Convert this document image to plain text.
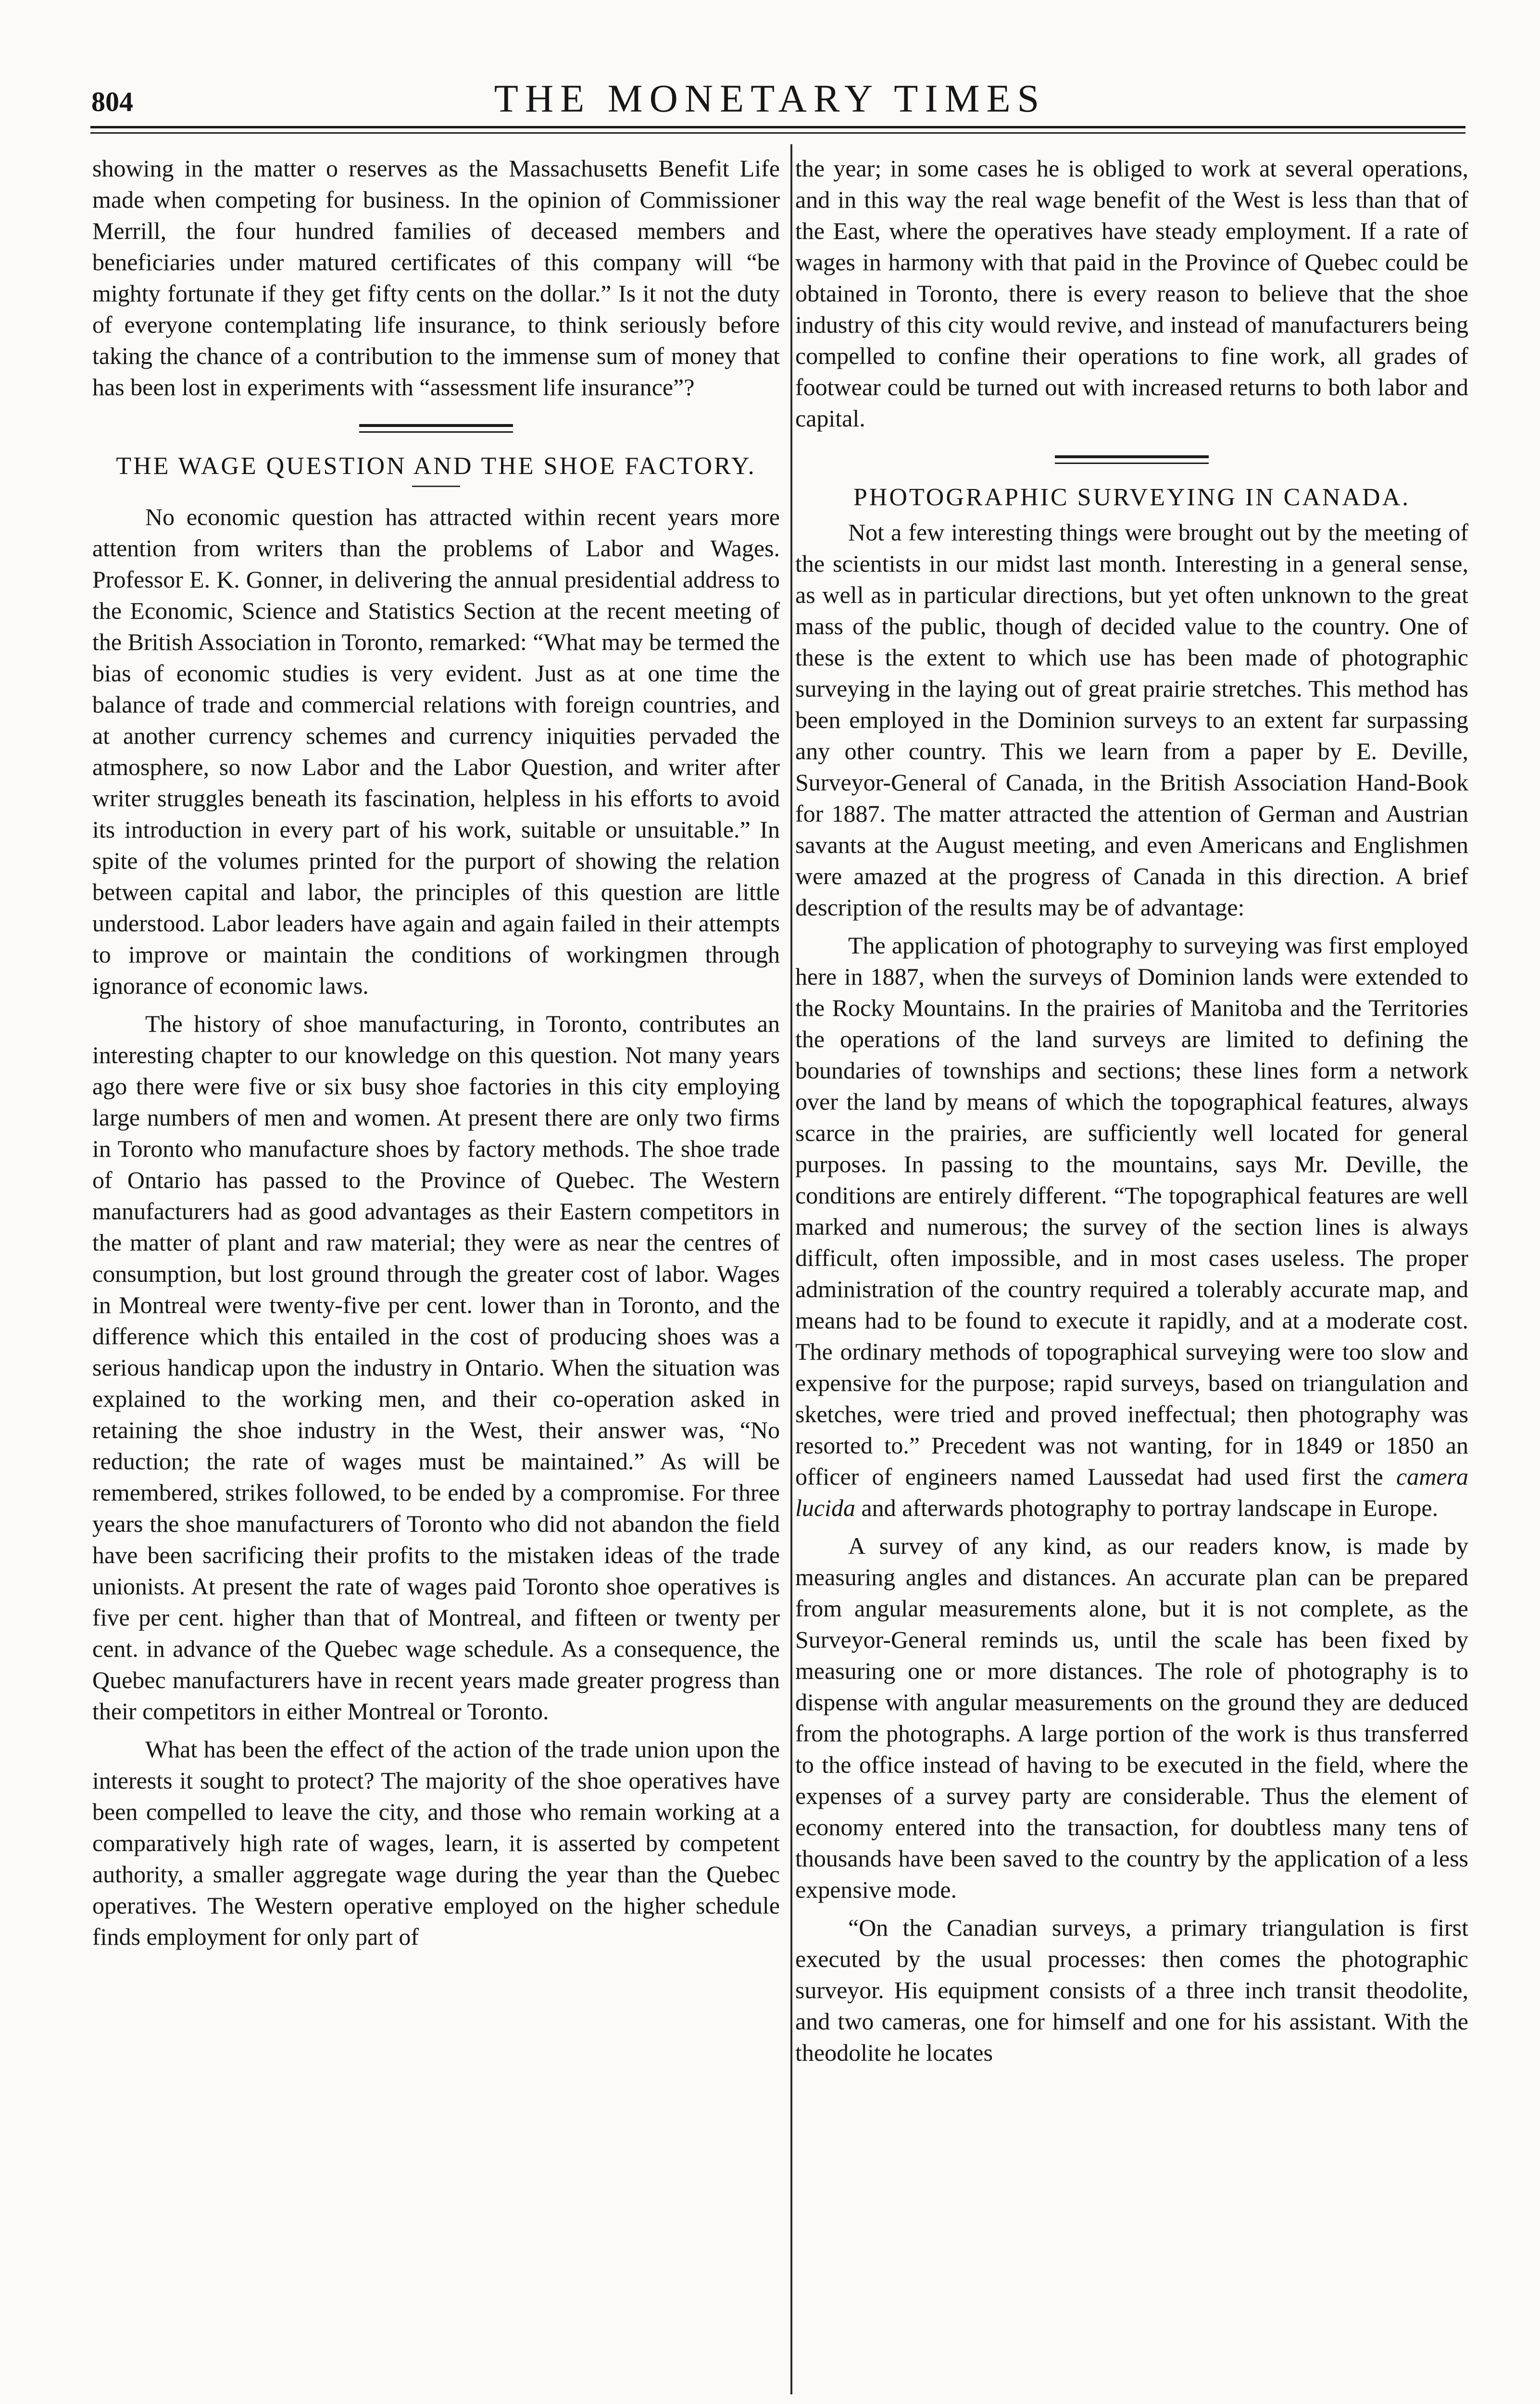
804	THE MONETARY TIMES

showing in the matter o reserves as the Massachusetts Benefit Life made when competing for business. In the opinion of Commissioner Merrill, the four hundred families of deceased members and beneficiaries under matured certificates of this company will “be mighty fortunate if they get fifty cents on the dollar.” Is it not the duty of everyone contemplating life insurance, to think seriously before taking the chance of a contribution to the immense sum of money that has been lost in experiments with “assessment life insurance”?

THE WAGE QUESTION AND THE SHOE FACTORY.

No economic question has attracted within recent years more attention from writers than the problems of Labor and Wages. Professor E. K. Gonner, in delivering the annual presidential address to the Economic, Science and Statistics Section at the recent meeting of the British Association in Toronto, remarked: “What may be termed the bias of economic studies is very evident. Just as at one time the balance of trade and commercial relations with foreign countries, and at another currency schemes and currency iniquities pervaded the atmosphere, so now Labor and the Labor Question, and writer after writer struggles beneath its fascination, helpless in his efforts to avoid its introduction in every part of his work, suitable or unsuitable.” In spite of the volumes printed for the purport of showing the relation between capital and labor, the principles of this question are little understood. Labor leaders have again and again failed in their attempts to improve or maintain the conditions of workingmen through ignorance of economic laws.

The history of shoe manufacturing, in Toronto, contributes an interesting chapter to our knowledge on this question. Not many years ago there were five or six busy shoe factories in this city employing large numbers of men and women. At present there are only two firms in Toronto who manufacture shoes by factory methods. The shoe trade of Ontario has passed to the Province of Quebec. The Western manufacturers had as good advantages as their Eastern competitors in the matter of plant and raw material; they were as near the centres of consumption, but lost ground through the greater cost of labor. Wages in Montreal were twenty-five per cent. lower than in Toronto, and the difference which this entailed in the cost of producing shoes was a serious handicap upon the industry in Ontario. When the situation was explained to the working men, and their co-operation asked in retaining the shoe industry in the West, their answer was, “No reduction; the rate of wages must be maintained.” As will be remembered, strikes followed, to be ended by a compromise. For three years the shoe manufacturers of Toronto who did not abandon the field have been sacrificing their profits to the mistaken ideas of the trade unionists. At present the rate of wages paid Toronto shoe operatives is five per cent. higher than that of Montreal, and fifteen or twenty per cent. in advance of the Quebec wage schedule. As a consequence, the Quebec manufacturers have in recent years made greater progress than their competitors in either Montreal or Toronto.

What has been the effect of the action of the trade union upon the interests it sought to protect? The majority of the shoe operatives have been compelled to leave the city, and those who remain working at a comparatively high rate of wages, learn, it is asserted by competent authority, a smaller aggregate wage during the year than the Quebec operatives. The Western operative employed on the higher schedule finds employment for only part of

the year; in some cases he is obliged to work at several operations, and in this way the real wage benefit of the West is less than that of the East, where the operatives have steady employment. If a rate of wages in harmony with that paid in the Province of Quebec could be obtained in Toronto, there is every reason to believe that the shoe industry of this city would revive, and instead of manufacturers being compelled to confine their operations to fine work, all grades of footwear could be turned out with increased returns to both labor and capital.

PHOTOGRAPHIC SURVEYING IN CANADA.

Not a few interesting things were brought out by the meeting of the scientists in our midst last month. Interesting in a general sense, as well as in particular directions, but yet often unknown to the great mass of the public, though of decided value to the country. One of these is the extent to which use has been made of photographic surveying in the laying out of great prairie stretches. This method has been employed in the Dominion surveys to an extent far surpassing any other country. This we learn from a paper by E. Deville, Surveyor-General of Canada, in the British Association Hand-Book for 1887. The matter attracted the attention of German and Austrian savants at the August meeting, and even Americans and Englishmen were amazed at the progress of Canada in this direction. A brief description of the results may be of advantage:

The application of photography to surveying was first employed here in 1887, when the surveys of Dominion lands were extended to the Rocky Mountains. In the prairies of Manitoba and the Territories the operations of the land surveys are limited to defining the boundaries of townships and sections; these lines form a network over the land by means of which the topographical features, always scarce in the prairies, are sufficiently well located for general purposes. In passing to the mountains, says Mr. Deville, the conditions are entirely different. “The topographical features are well marked and numerous; the survey of the section lines is always difficult, often impossible, and in most cases useless. The proper administration of the country required a tolerably accurate map, and means had to be found to execute it rapidly, and at a moderate cost. The ordinary methods of topographical surveying were too slow and expensive for the purpose; rapid surveys, based on triangulation and sketches, were tried and proved ineffectual; then photography was resorted to.” Precedent was not wanting, for in 1849 or 1850 an officer of engineers named Laussedat had used first the camera lucida and afterwards photography to portray landscape in Europe.

A survey of any kind, as our readers know, is made by measuring angles and distances. An accurate plan can be prepared from angular measurements alone, but it is not complete, as the Surveyor-General reminds us, until the scale has been fixed by measuring one or more distances. The role of photography is to dispense with angular measurements on the ground they are deduced from the photographs. A large portion of the work is thus transferred to the office instead of having to be executed in the field, where the expenses of a survey party are considerable. Thus the element of economy entered into the transaction, for doubtless many tens of thousands have been saved to the country by the application of a less expensive mode.

“On the Canadian surveys, a primary triangulation is first executed by the usual processes: then comes the photographic surveyor. His equipment consists of a three inch transit theodolite, and two cameras, one for himself and one for his assistant. With the theodolite he locates
